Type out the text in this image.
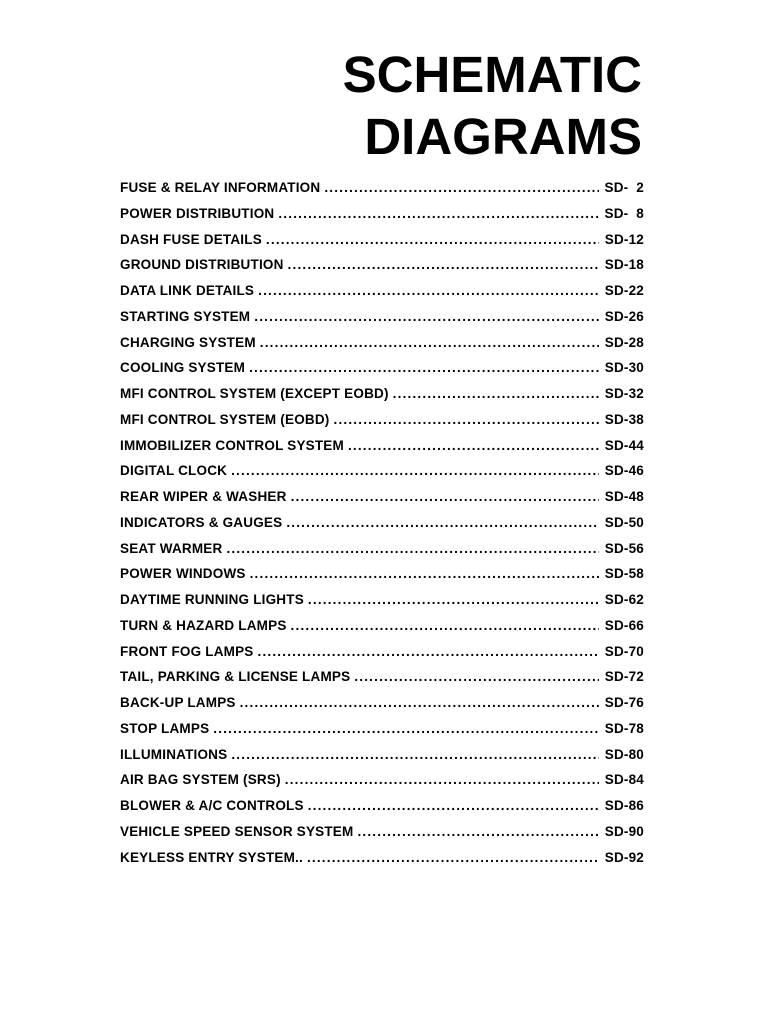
SCHEMATIC
DIAGRAMS
FUSE & RELAY INFORMATION .....	SD-  2
POWER DISTRIBUTION .....	SD-  8
DASH FUSE DETAILS .....	SD-12
GROUND DISTRIBUTION .....	SD-18
DATA LINK DETAILS .....	SD-22
STARTING SYSTEM .....	SD-26
CHARGING SYSTEM .....	SD-28
COOLING SYSTEM .....	SD-30
MFI CONTROL SYSTEM (EXCEPT EOBD) .....	SD-32
MFI CONTROL SYSTEM (EOBD) .....	SD-38
IMMOBILIZER CONTROL SYSTEM .....	SD-44
DIGITAL CLOCK .....	SD-46
REAR WIPER & WASHER .....	SD-48
INDICATORS & GAUGES .....	SD-50
SEAT WARMER .....	SD-56
POWER WINDOWS .....	SD-58
DAYTIME RUNNING LIGHTS .....	SD-62
TURN & HAZARD LAMPS .....	SD-66
FRONT FOG LAMPS .....	SD-70
TAIL, PARKING & LICENSE LAMPS .....	SD-72
BACK-UP LAMPS .....	SD-76
STOP LAMPS .....	SD-78
ILLUMINATIONS .....	SD-80
AIR BAG SYSTEM (SRS) .....	SD-84
BLOWER & A/C CONTROLS .....	SD-86
VEHICLE SPEED SENSOR SYSTEM .....	SD-90
KEYLESS ENTRY SYSTEM.. .....	SD-92
